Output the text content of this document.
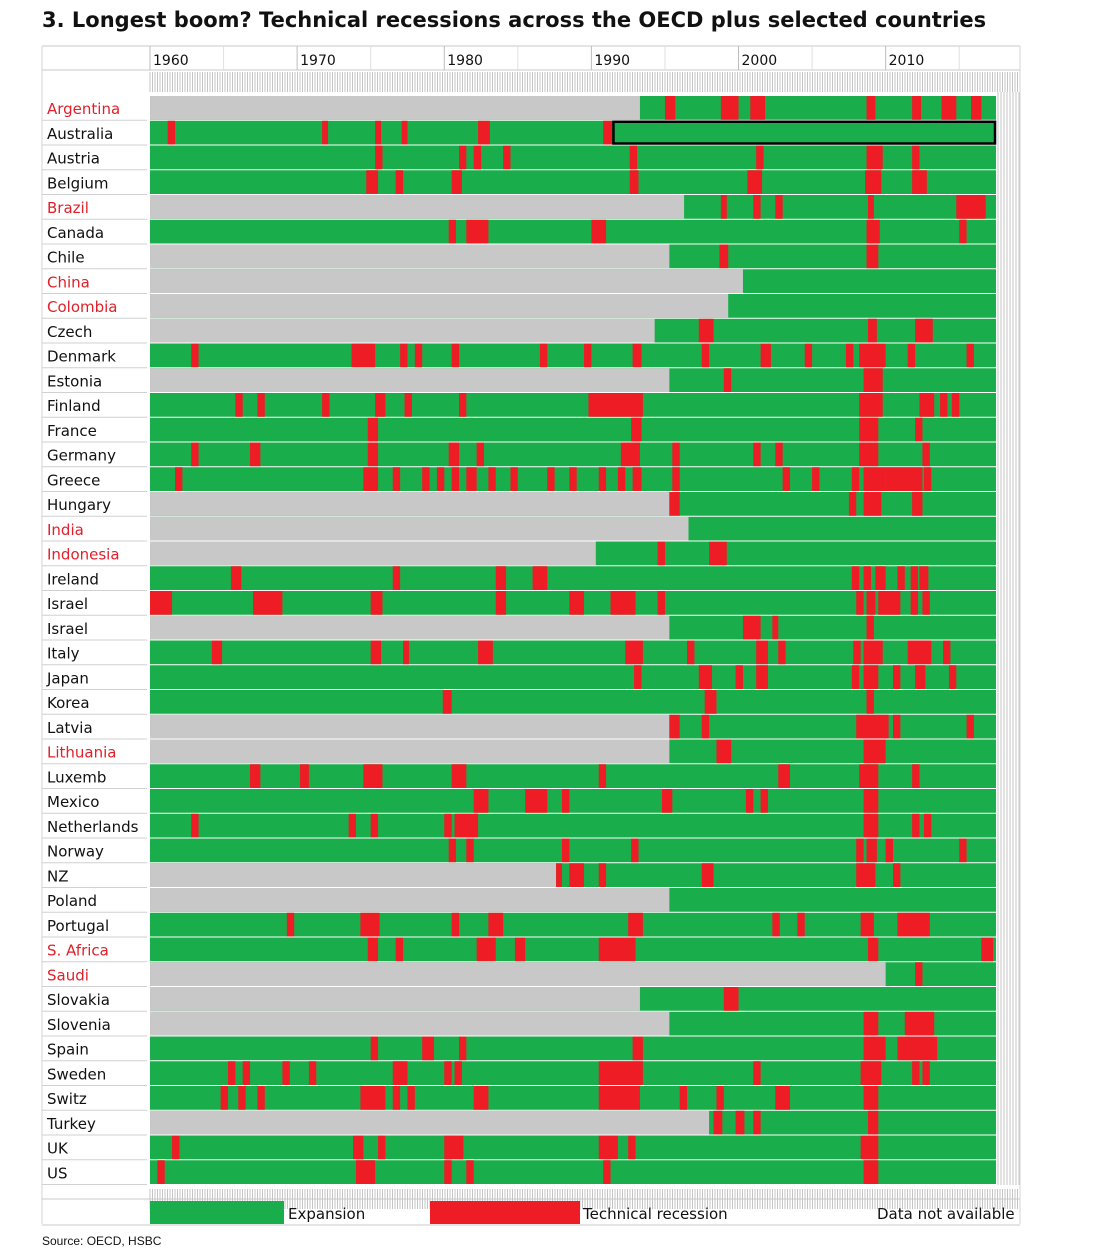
3. Longest boom? Technical recessions across the OECD plus selected countries
1960	1970	1980	1990	2000	2010
Argentina
Australia
Austria
Belgium
Brazil
Canada
Chile
China
Colombia
Czech
Denmark
Estonia
Finland
France
Germany
Greece
Hungary
India
Indonesia
Ireland
Israel
Israel
Italy
Japan
Korea
Latvia
Lithuania
Luxemb
Mexico
Netherlands
Norway
NZ
Poland
Portugal
S. Africa
Saudi
Slovakia
Slovenia
Spain
Sweden
Switz
Turkey
UK
US
Expansion	Technical recession	Data not available
Source: OECD, HSBC
